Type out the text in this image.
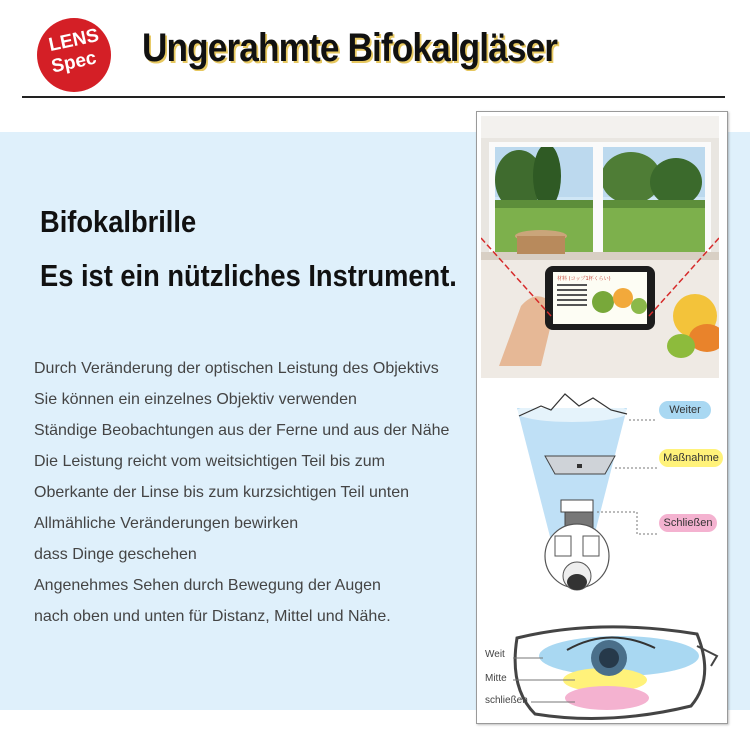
LENS
Spec	Ungerahmte Bifokalgläser
Bifokalbrille
Es ist ein nützliches Instrument.
Durch Veränderung der optischen Leistung des Objektivs
Sie können ein einzelnes Objektiv verwenden
Ständige Beobachtungen aus der Ferne und aus der Nähe
Die Leistung reicht vom weitsichtigen Teil bis zum
Oberkante der Linse bis zum kurzsichtigen Teil unten
Allmähliche Veränderungen bewirken
dass Dinge geschehen
Angenehmes Sehen durch Bewegung der Augen
nach oben und unten für Distanz, Mittel und Nähe.
材料 (コップ1杯くらい)
Weiter
Maßnahme
Schließen
Weit
Mitte
schließen
